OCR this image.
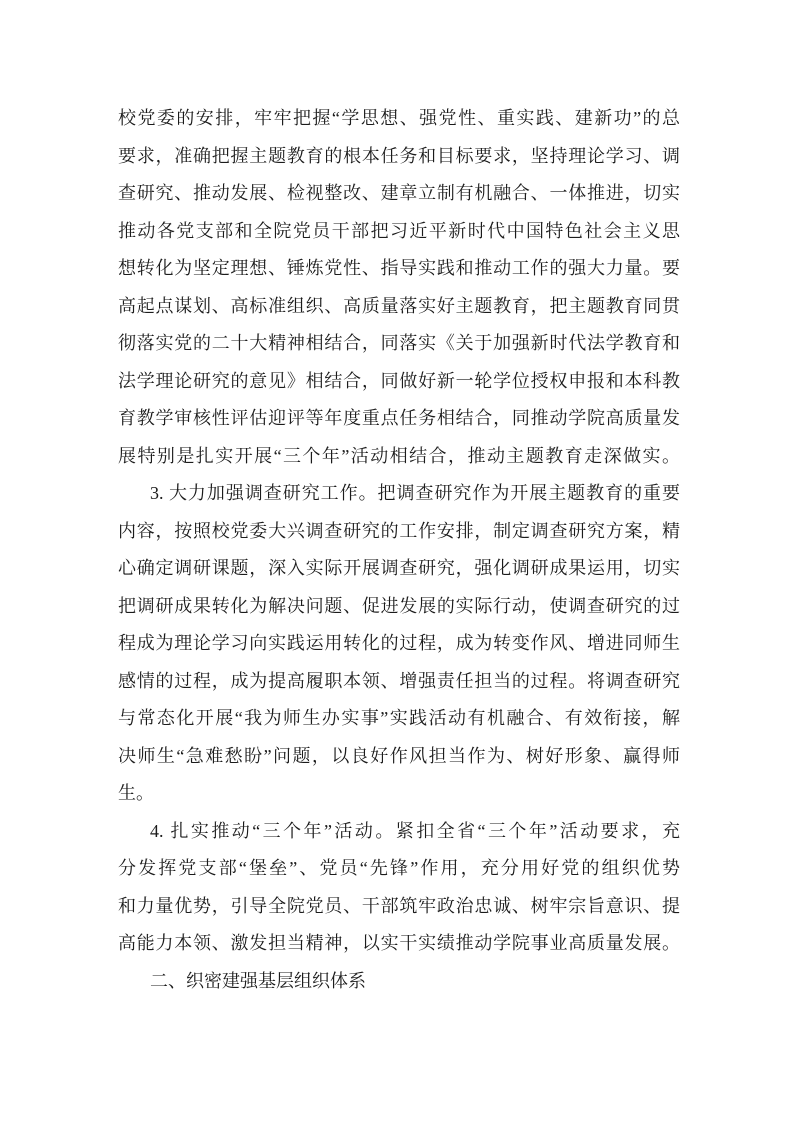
校党委的安排，牢牢把握“学思想、强党性、重实践、建新功”的总
要求，准确把握主题教育的根本任务和目标要求，坚持理论学习、调
查研究、推动发展、检视整改、建章立制有机融合、一体推进，切实
推动各党支部和全院党员干部把习近平新时代中国特色社会主义思
想转化为坚定理想、锤炼党性、指导实践和推动工作的强大力量。要
高起点谋划、高标准组织、高质量落实好主题教育，把主题教育同贯
彻落实党的二十大精神相结合，同落实《关于加强新时代法学教育和
法学理论研究的意见》相结合，同做好新一轮学位授权申报和本科教
育教学审核性评估迎评等年度重点任务相结合，同推动学院高质量发
展特别是扎实开展“三个年”活动相结合，推动主题教育走深做实。
3. 大力加强调查研究工作。把调查研究作为开展主题教育的重要
内容，按照校党委大兴调查研究的工作安排，制定调查研究方案，精
心确定调研课题，深入实际开展调查研究，强化调研成果运用，切实
把调研成果转化为解决问题、促进发展的实际行动，使调查研究的过
程成为理论学习向实践运用转化的过程，成为转变作风、增进同师生
感情的过程，成为提高履职本领、增强责任担当的过程。将调查研究
与常态化开展“我为师生办实事”实践活动有机融合、有效衔接，解
决师生“急难愁盼”问题，以良好作风担当作为、树好形象、赢得师
生。
4. 扎实推动“三个年”活动。紧扣全省“三个年”活动要求，充
分发挥党支部“堡垒”、党员“先锋”作用，充分用好党的组织优势
和力量优势，引导全院党员、干部筑牢政治忠诚、树牢宗旨意识、提
高能力本领、激发担当精神，以实干实绩推动学院事业高质量发展。
二、织密建强基层组织体系
